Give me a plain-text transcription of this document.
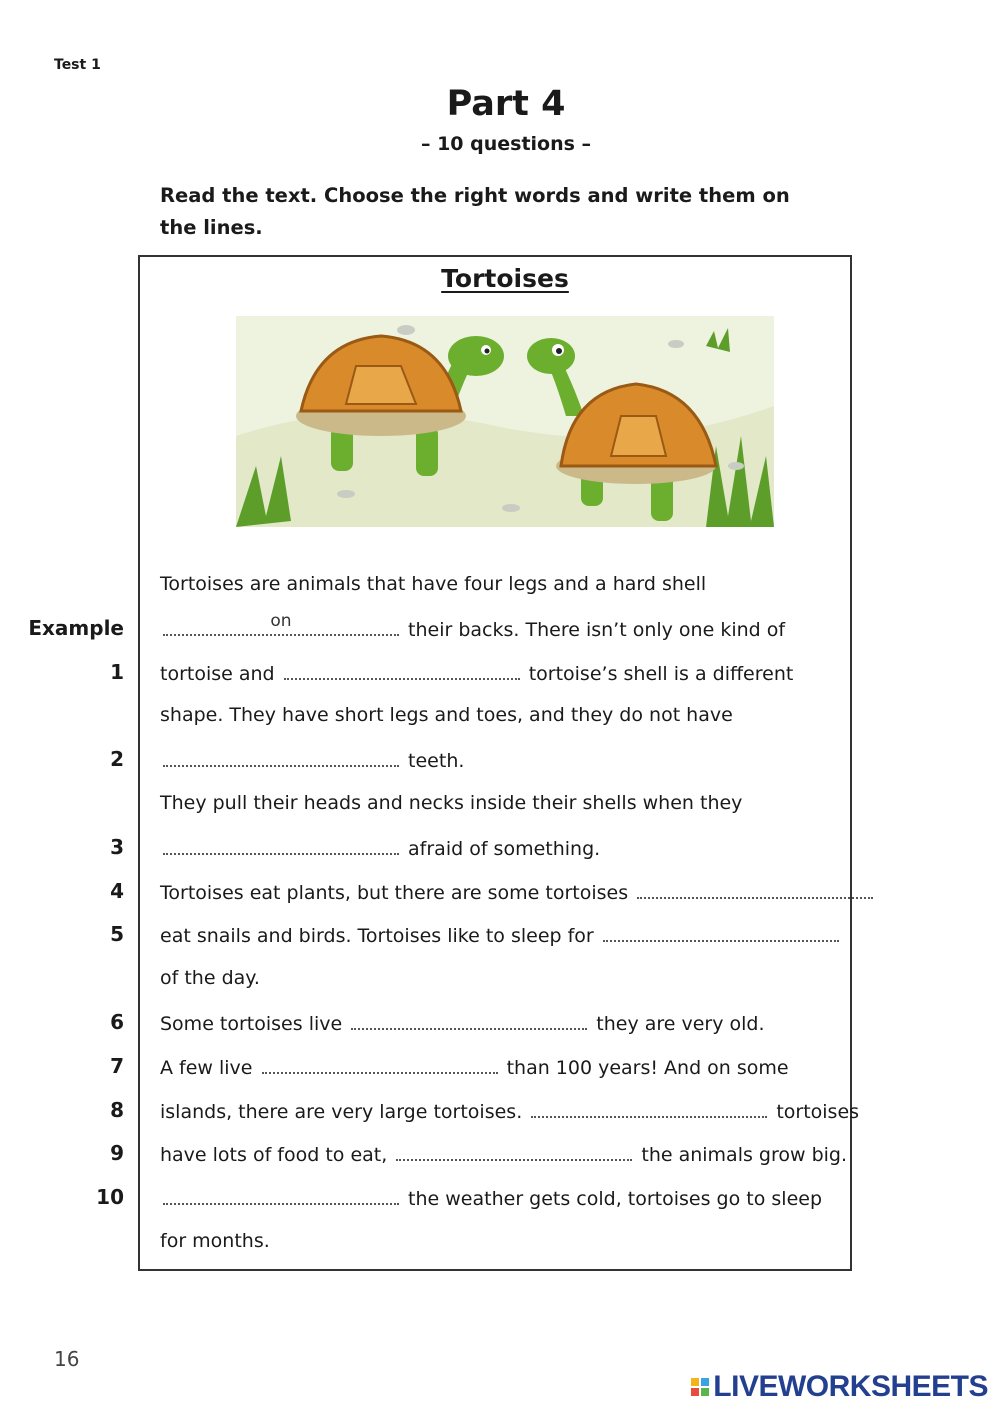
Test 1
Part 4
– 10 questions –
Read the text. Choose the right words and write them on the lines.
Tortoises
Tortoises are animals that have four legs and a hard shell
Example	on	their backs. There isn’t only one kind of
1 tortoise and	tortoise’s shell is a different
shape. They have short legs and toes, and they do not have
2	teeth.
They pull their heads and necks inside their shells when they
3	afraid of something.
4 Tortoises eat plants, but there are some tortoises
5 eat snails and birds. Tortoises like to sleep for
of the day.
6 Some tortoises live	they are very old.
7 A few live	than 100 years! And on some
8 islands, there are very large tortoises.	tortoises
9 have lots of food to eat,	the animals grow big.
10	the weather gets cold, tortoises go to sleep
for months.
16
LIVEWORKSHEETS
